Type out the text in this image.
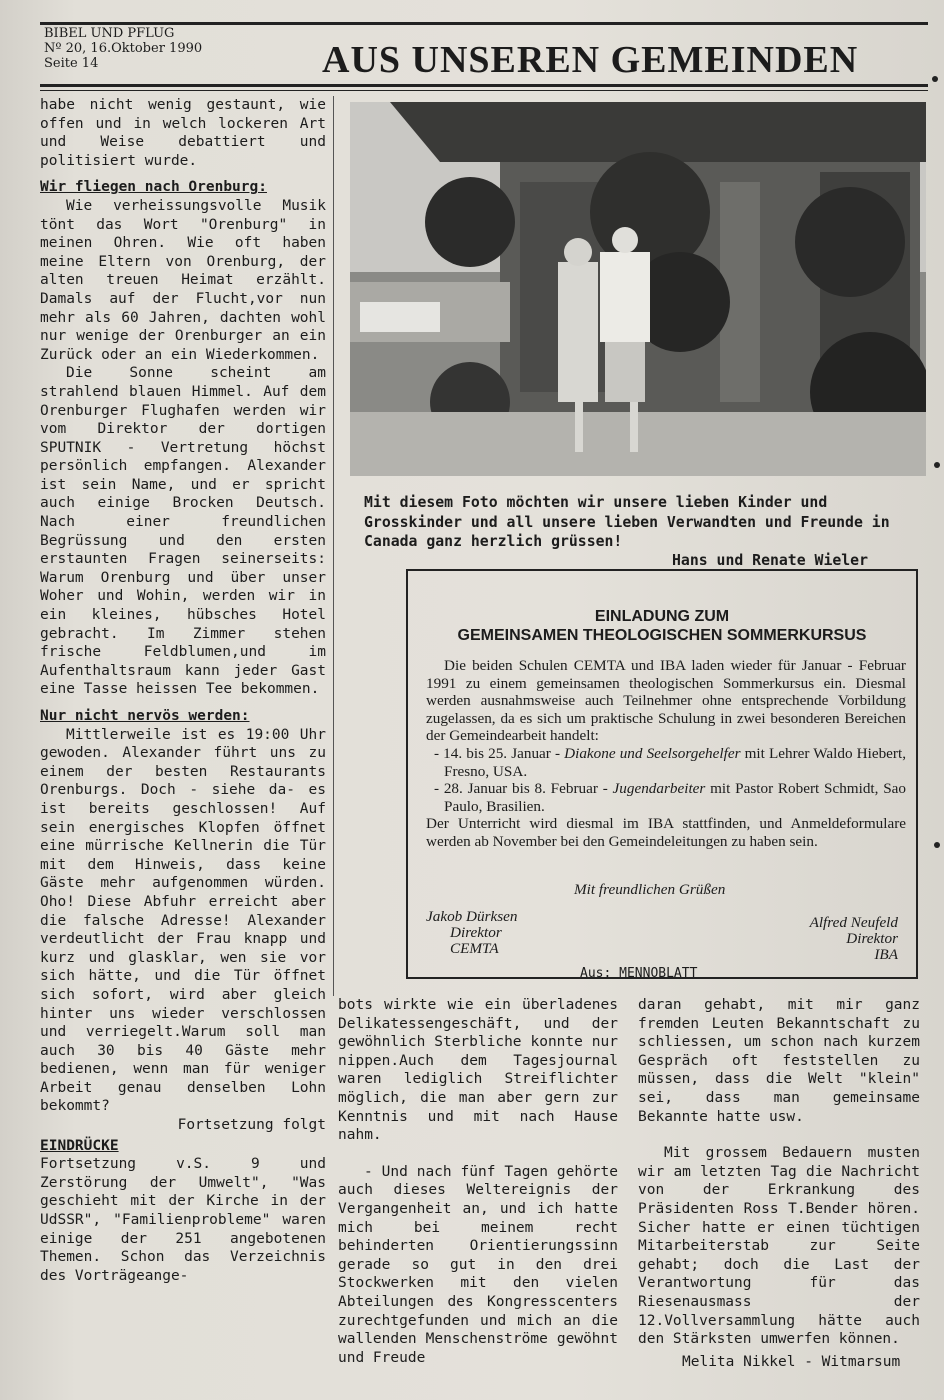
BIBEL UND PFLUG
Nº 20, 16.Oktober 1990
Seite 14	AUS UNSEREN GEMEINDEN

habe nicht wenig gestaunt, wie offen und in welch lockeren Art und Weise debattiert und politisiert wurde.

Wir fliegen nach Orenburg:

Wie verheissungsvolle Musik tönt das Wort "Orenburg" in meinen Ohren. Wie oft haben meine Eltern von Orenburg, der alten treuen Heimat erzählt. Damals auf der Flucht,vor nun mehr als 60 Jahren, dachten wohl nur wenige der Orenburger an ein Zurück oder an ein Wiederkommen.

Die Sonne scheint am strahlend blauen Himmel. Auf dem Orenburger Flughafen werden wir vom Direktor der dortigen SPUTNIK - Vertretung höchst persönlich empfangen. Alexander ist sein Name, und er spricht auch einige Brocken Deutsch. Nach einer freundlichen Begrüssung und den ersten erstaunten Fragen seinerseits: Warum Orenburg und über unser Woher und Wohin, werden wir in ein kleines, hübsches Hotel gebracht. Im Zimmer stehen frische Feldblumen,und im Aufenthaltsraum kann jeder Gast eine Tasse heissen Tee bekommen.

Nur nicht nervös werden:

Mittlerweile ist es 19:00 Uhr gewoden. Alexander führt uns zu einem der besten Restaurants Orenburgs. Doch - siehe da- es ist bereits geschlossen! Auf sein energisches Klopfen öffnet eine mürrische Kellnerin die Tür mit dem Hinweis, dass keine Gäste mehr aufgenommen würden. Oho! Diese Abfuhr erreicht aber die falsche Adresse! Alexander verdeutlicht der Frau knapp und kurz und glasklar, wen sie vor sich hätte, und die Tür öffnet sich sofort, wird aber gleich hinter uns wieder verschlossen und verriegelt.Warum soll man auch 30 bis 40 Gäste mehr bedienen, wenn man für weniger Arbeit genau denselben Lohn bekommt?

Fortsetzung folgt

EINDRÜCKE

Fortsetzung v.S. 9 und Zerstörung der Umwelt", "Was geschieht mit der Kirche in der UdSSR", "Familienprobleme" waren einige der 251 angebotenen Themen. Schon das Verzeichnis des Vorträgeange-

Mit diesem Foto möchten wir unsere lieben Kinder und Grosskinder und all unsere lieben Verwandten und Freunde in Canada ganz herzlich grüssen!
Hans und Renate Wieler
EINLADUNG ZUM
GEMEINSAMEN THEOLOGISCHEN SOMMERKURSUS

Die beiden Schulen CEMTA und IBA laden wieder für Januar - Februar 1991 zu einem gemeinsamen theologischen Sommerkursus ein. Diesmal werden ausnahmsweise auch Teilnehmer ohne entsprechende Vorbildung zugelassen, da es sich um praktische Schulung in zwei besonderen Bereichen der Gemeindearbeit handelt:

- 14. bis 25. Januar - Diakone und Seelsorgehelfer mit Lehrer Waldo Hiebert, Fresno, USA.

- 28. Januar bis 8. Februar - Jugendarbeiter mit Pastor Robert Schmidt, Sao Paulo, Brasilien.

Der Unterricht wird diesmal im IBA stattfinden, und Anmeldeformulare werden ab November bei den Gemeindeleitungen zu haben sein.

Mit freundlichen Grüßen
Jakob Dürksen
Direktor
CEMTA
Alfred Neufeld
Direktor
IBA
Aus: MENNOBLATT

bots wirkte wie ein überladenes Delikatessengeschäft, und der gewöhnlich Sterbliche konnte nur nippen.Auch dem Tagesjournal waren lediglich Streiflichter möglich, die man aber gern zur Kenntnis und mit nach Hause nahm.

- Und nach fünf Tagen gehörte auch dieses Weltereignis der Vergangenheit an, und ich hatte mich bei meinem recht behinderten Orientierungssinn gerade so gut in den drei Stockwerken mit den vielen Abteilungen des Kongresscenters zurechtgefunden und mich an die wallenden Menschenströme gewöhnt und Freude

daran gehabt, mit mir ganz fremden Leuten Bekanntschaft zu schliessen, um schon nach kurzem Gespräch oft feststellen zu müssen, dass die Welt "klein" sei, dass man gemeinsame Bekannte hatte usw.

Mit grossem Bedauern musten wir am letzten Tag die Nachricht von der Erkrankung des Präsidenten Ross T.Bender hören. Sicher hatte er einen tüchtigen Mitarbeiterstab zur Seite gehabt; doch die Last der Verantwortung für das Riesenausmass der 12.Vollversammlung hätte auch den Stärksten umwerfen können.

Melita Nikkel - Witmarsum
